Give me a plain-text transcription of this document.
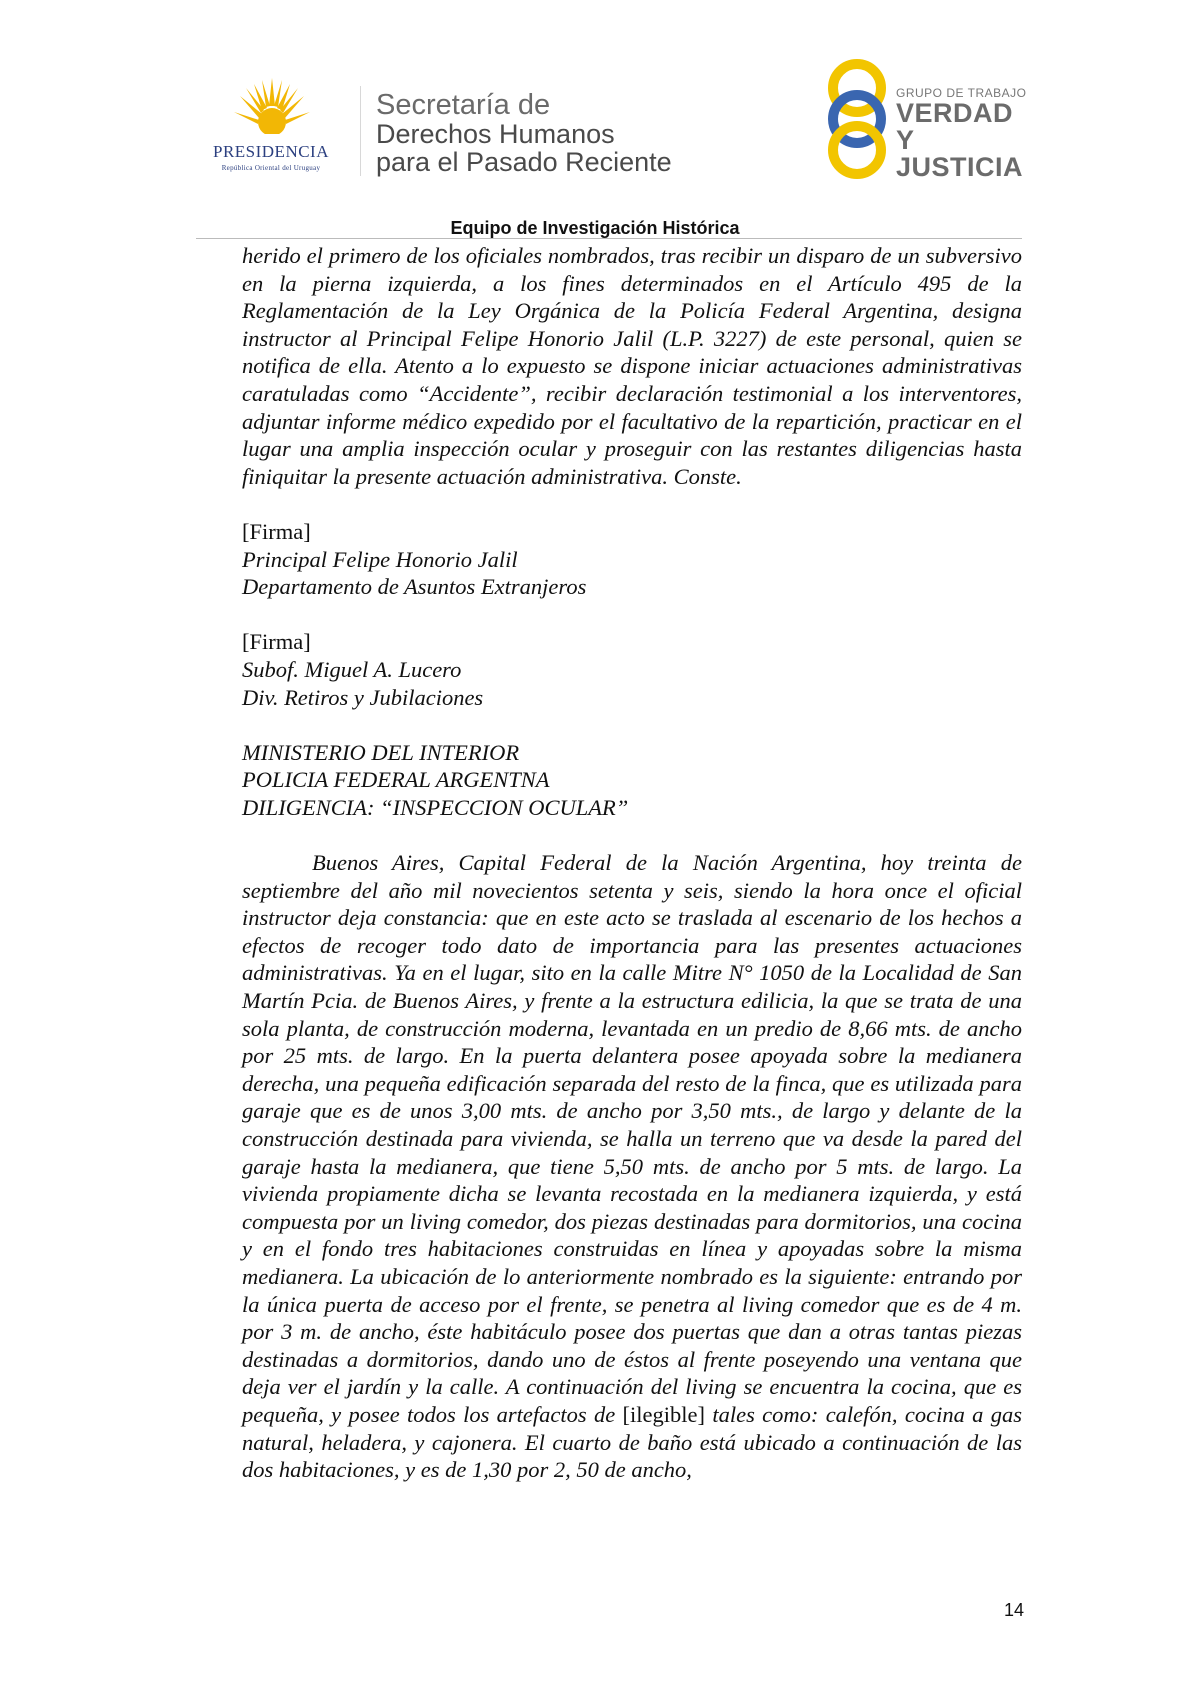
PRESIDENCIA
República Oriental del Uruguay
Secretaría de
Derechos Humanos
para el Pasado Reciente
GRUPO DE TRABAJO
VERDAD Y
JUSTICIA
Equipo de Investigación Histórica

herido el primero de los oficiales nombrados, tras recibir un disparo de un subversivo en la pierna izquierda, a los fines determinados en el Artículo 495 de la Reglamentación de la Ley Orgánica de la Policía Federal Argentina, designa instructor al Principal Felipe Honorio Jalil (L.P. 3227) de este personal, quien se notifica de ella. Atento a lo expuesto se dispone iniciar actuaciones administrativas caratuladas como “Accidente”, recibir declaración testimonial a los interventores, adjuntar informe médico expedido por el facultativo de la repartición, practicar en el lugar una amplia inspección ocular y proseguir con las restantes diligencias hasta finiquitar la presente actuación administrativa. Conste.

[Firma]

Principal Felipe Honorio Jalil

Departamento de Asuntos Extranjeros

[Firma]

Subof. Miguel A. Lucero

Div. Retiros y Jubilaciones

MINISTERIO DEL INTERIOR

POLICIA FEDERAL ARGENTNA

DILIGENCIA: “INSPECCION OCULAR”

Buenos Aires, Capital Federal de la Nación Argentina, hoy treinta de septiembre del año mil novecientos setenta y seis, siendo la hora once el oficial instructor deja constancia: que en este acto se traslada al escenario de los hechos a efectos de recoger todo dato de importancia para las presentes actuaciones administrativas. Ya en el lugar, sito en la calle Mitre N° 1050 de la Localidad de San Martín Pcia. de Buenos Aires, y frente a la estructura edilicia, la que se trata de una sola planta, de construcción moderna, levantada en un predio de 8,66 mts. de ancho por 25 mts. de largo. En la puerta delantera posee apoyada sobre la medianera derecha, una pequeña edificación separada del resto de la finca, que es utilizada para garaje que es de unos 3,00 mts. de ancho por 3,50 mts., de largo y delante de la construcción destinada para vivienda, se halla un terreno que va desde la pared del garaje hasta la medianera, que tiene 5,50 mts. de ancho por 5 mts. de largo. La vivienda propiamente dicha se levanta recostada en la medianera izquierda, y está compuesta por un living comedor, dos piezas destinadas para dormitorios, una cocina y en el fondo tres habitaciones construidas en línea y apoyadas sobre la misma medianera. La ubicación de lo anteriormente nombrado es la siguiente: entrando por la única puerta de acceso por el frente, se penetra al living comedor que es de 4 m. por 3 m. de ancho, éste habitáculo posee dos puertas que dan a otras tantas piezas destinadas a dormitorios, dando uno de éstos al frente poseyendo una ventana que deja ver el jardín y la calle. A continuación del living se encuentra la cocina, que es pequeña, y posee todos los artefactos de [ilegible] tales como: calefón, cocina a gas natural, heladera, y cajonera. El cuarto de baño está ubicado a continuación de las dos habitaciones, y es de 1,30 por 2, 50 de ancho,

14
